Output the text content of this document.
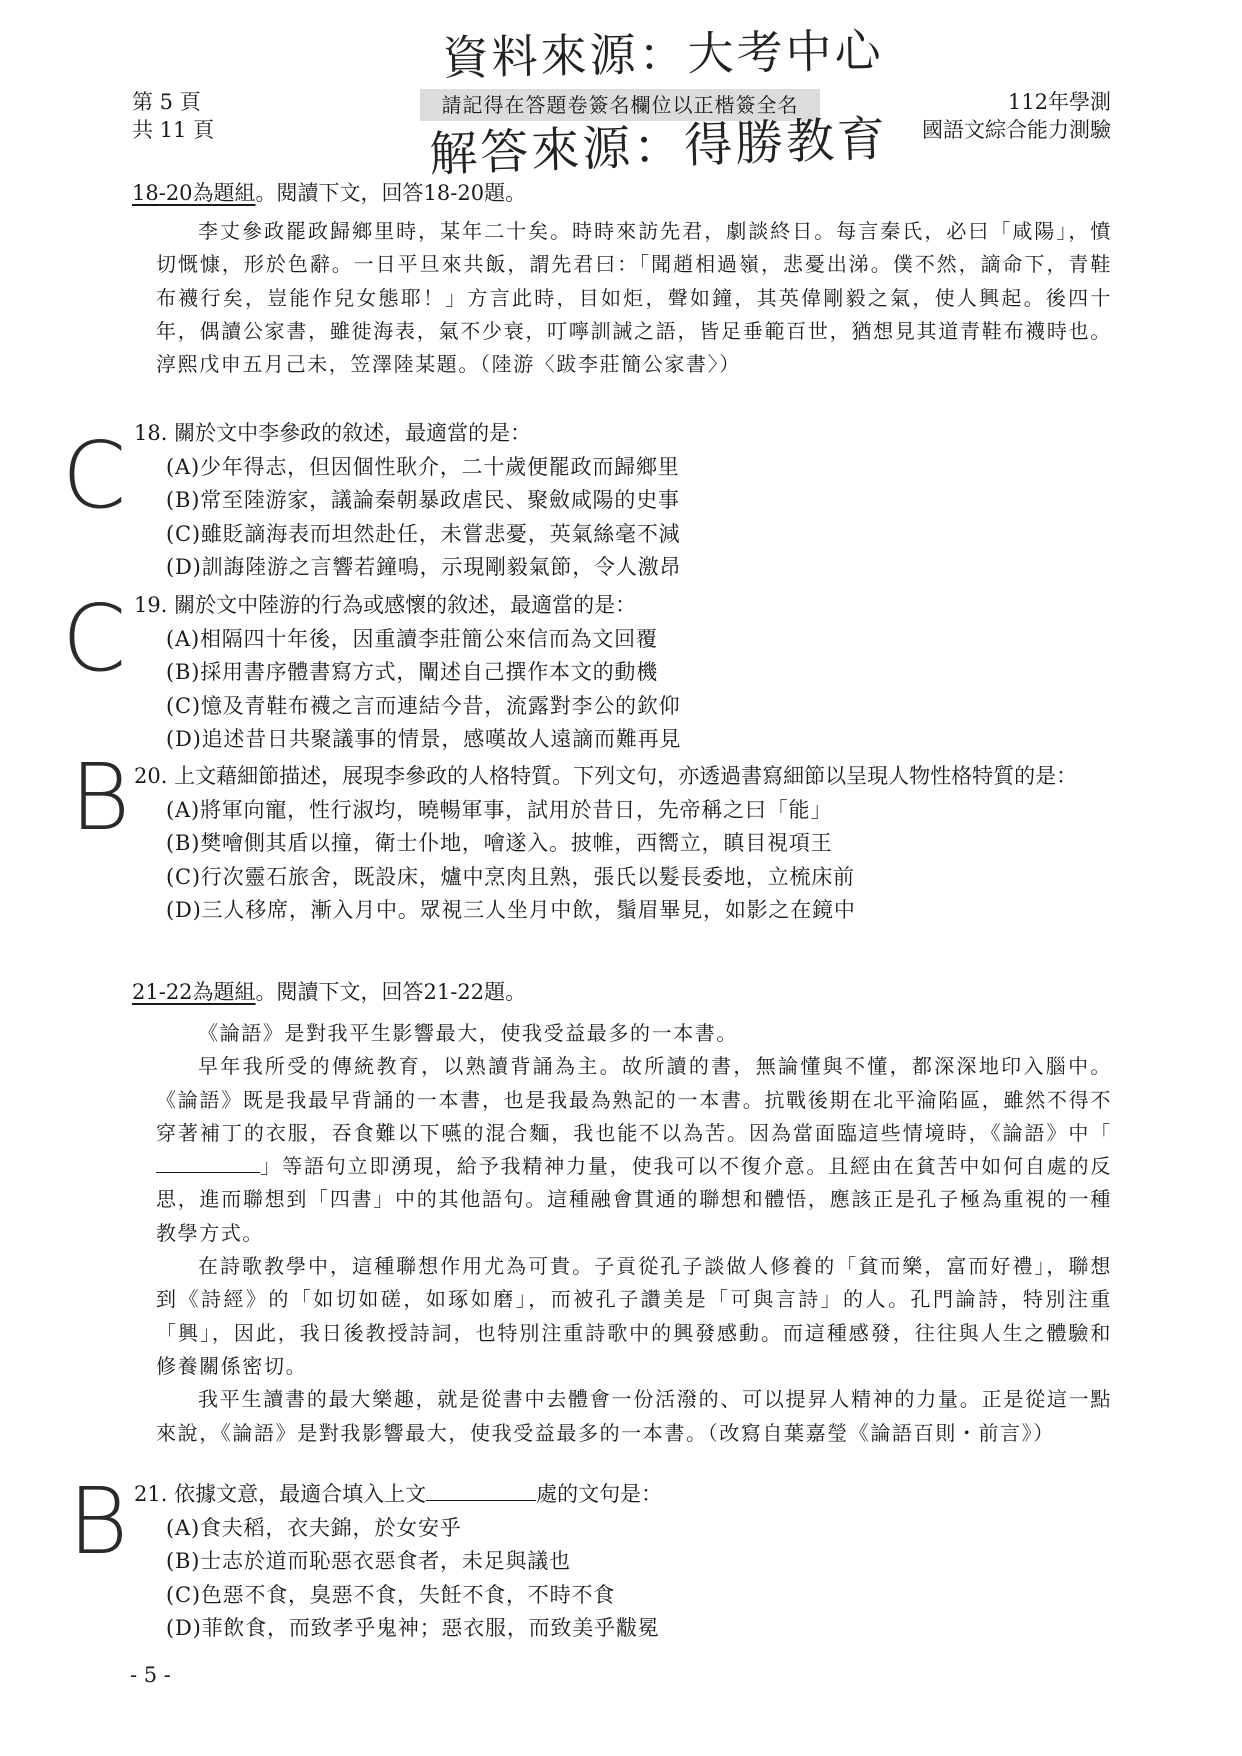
第 5 頁
共 11 頁
請記得在答題卷簽名欄位以正楷簽全名	112年學測
國語文綜合能力測驗
資料來源：大考中心
解答來源：得勝教育
18-20為題組。閱讀下文，回答18-20題。

李丈參政罷政歸鄉里時，某年二十矣。時時來訪先君，劇談終日。每言秦氏，必曰「咸陽」，憤切慨慷，形於色辭。一日平旦來共飯，謂先君曰：「聞趙相過嶺，悲憂出涕。僕不然，謫命下，青鞋布襪行矣，豈能作兒女態耶！」方言此時，目如炬，聲如鐘，其英偉剛毅之氣，使人興起。後四十年，偶讀公家書，雖徙海表，氣不少衰，叮嚀訓誡之語，皆足垂範百世，猶想見其道青鞋布襪時也。淳熙戊申五月己未，笠澤陸某題。（陸游〈跋李莊簡公家書〉）

C 18. 關於文中李參政的敘述，最適當的是：
(A)少年得志，但因個性耿介，二十歲便罷政而歸鄉里
(B)常至陸游家，議論秦朝暴政虐民、聚斂咸陽的史事
(C)雖貶謫海表而坦然赴任，未嘗悲憂，英氣絲毫不減
(D)訓誨陸游之言響若鐘鳴，示現剛毅氣節，令人激昂
C 19. 關於文中陸游的行為或感懷的敘述，最適當的是：
(A)相隔四十年後，因重讀李莊簡公來信而為文回覆
(B)採用書序體書寫方式，闡述自己撰作本文的動機
(C)憶及青鞋布襪之言而連結今昔，流露對李公的欽仰
(D)追述昔日共聚議事的情景，感嘆故人遠謫而難再見
B 20. 上文藉細節描述，展現李參政的人格特質。下列文句，亦透過書寫細節以呈現人物性格特質的是：
(A)將軍向寵，性行淑均，曉暢軍事，試用於昔日，先帝稱之曰「能」
(B)樊噲側其盾以撞，衛士仆地，噲遂入。披帷，西嚮立，瞋目視項王
(C)行次靈石旅舍，既設床，爐中烹肉且熟，張氏以髮長委地，立梳床前
(D)三人移席，漸入月中。眾視三人坐月中飲，鬚眉畢見，如影之在鏡中
21-22為題組。閱讀下文，回答21-22題。

《論語》是對我平生影響最大，使我受益最多的一本書。

早年我所受的傳統教育，以熟讀背誦為主。故所讀的書，無論懂與不懂，都深深地印入腦中。《論語》既是我最早背誦的一本書，也是我最為熟記的一本書。抗戰後期在北平淪陷區，雖然不得不穿著補丁的衣服，吞食難以下嚥的混合麵，我也能不以為苦。因為當面臨這些情境時，《論語》中「」等語句立即湧現，給予我精神力量，使我可以不復介意。且經由在貧苦中如何自處的反思，進而聯想到「四書」中的其他語句。這種融會貫通的聯想和體悟，應該正是孔子極為重視的一種教學方式。

在詩歌教學中，這種聯想作用尤為可貴。子貢從孔子談做人修養的「貧而樂，富而好禮」，聯想到《詩經》的「如切如磋，如琢如磨」，而被孔子讚美是「可與言詩」的人。孔門論詩，特別注重「興」，因此，我日後教授詩詞，也特別注重詩歌中的興發感動。而這種感發，往往與人生之體驗和修養關係密切。

我平生讀書的最大樂趣，就是從書中去體會一份活潑的、可以提昇人精神的力量。正是從這一點來說，《論語》是對我影響最大，使我受益最多的一本書。（改寫自葉嘉瑩《論語百則・前言》）

B 21. 依據文意，最適合填入上文	處的文句是：
(A)食夫稻，衣夫錦，於女安乎
(B)士志於道而恥惡衣惡食者，未足與議也
(C)色惡不食，臭惡不食，失飪不食，不時不食
(D)菲飲食，而致孝乎鬼神；惡衣服，而致美乎黻冕
- 5 -
